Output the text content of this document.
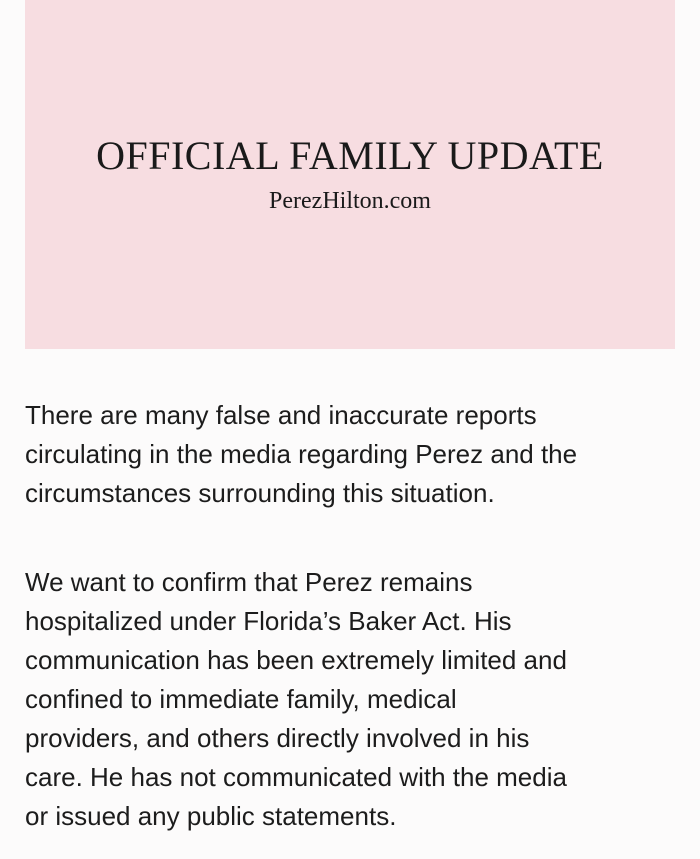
OFFICIAL FAMILY UPDATE
PerezHilton.com

There are many false and inaccurate reports
circulating in the media regarding Perez and the
circumstances surrounding this situation.

We want to confirm that Perez remains
hospitalized under Florida’s Baker Act. His
communication has been extremely limited and
confined to immediate family, medical
providers, and others directly involved in his
care. He has not communicated with the media
or issued any public statements.
